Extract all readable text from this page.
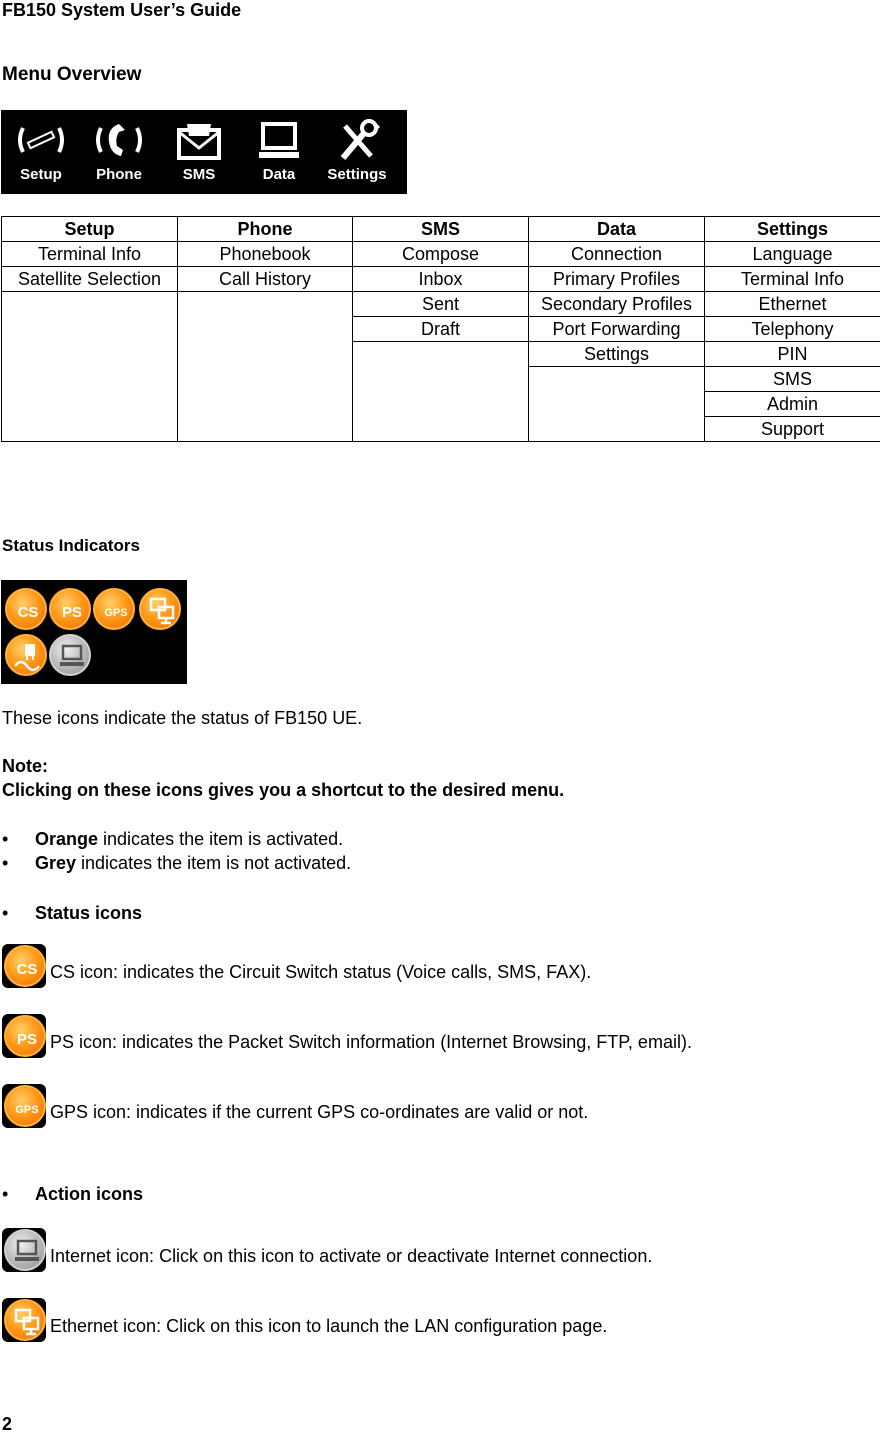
FB150 System User’s Guide
Menu Overview
Setup	Phone	SMS	Data	Settings
Setup	Phone	SMS	Data	Settings
Terminal Info	Phonebook	Compose	Connection	Language
Satellite Selection	Call History	Inbox	Primary Profiles	Terminal Info
		Sent	Secondary Profiles	Ethernet
		Draft	Port Forwarding	Telephony
			Settings	PIN
				SMS
				Admin
				Support
Status Indicators
CS PS GPS
These icons indicate the status of FB150 UE.
Note:
Clicking on these icons gives you a shortcut to the desired menu.
• Orange indicates the item is activated.
• Grey indicates the item is not activated.
• Status icons
CS CS icon: indicates the Circuit Switch status (Voice calls, SMS, FAX).
PS PS icon: indicates the Packet Switch information (Internet Browsing, FTP, email).
GPS GPS icon: indicates if the current GPS co-ordinates are valid or not.
• Action icons
Internet icon: Click on this icon to activate or deactivate Internet connection.
Ethernet icon: Click on this icon to launch the LAN configuration page.
2
